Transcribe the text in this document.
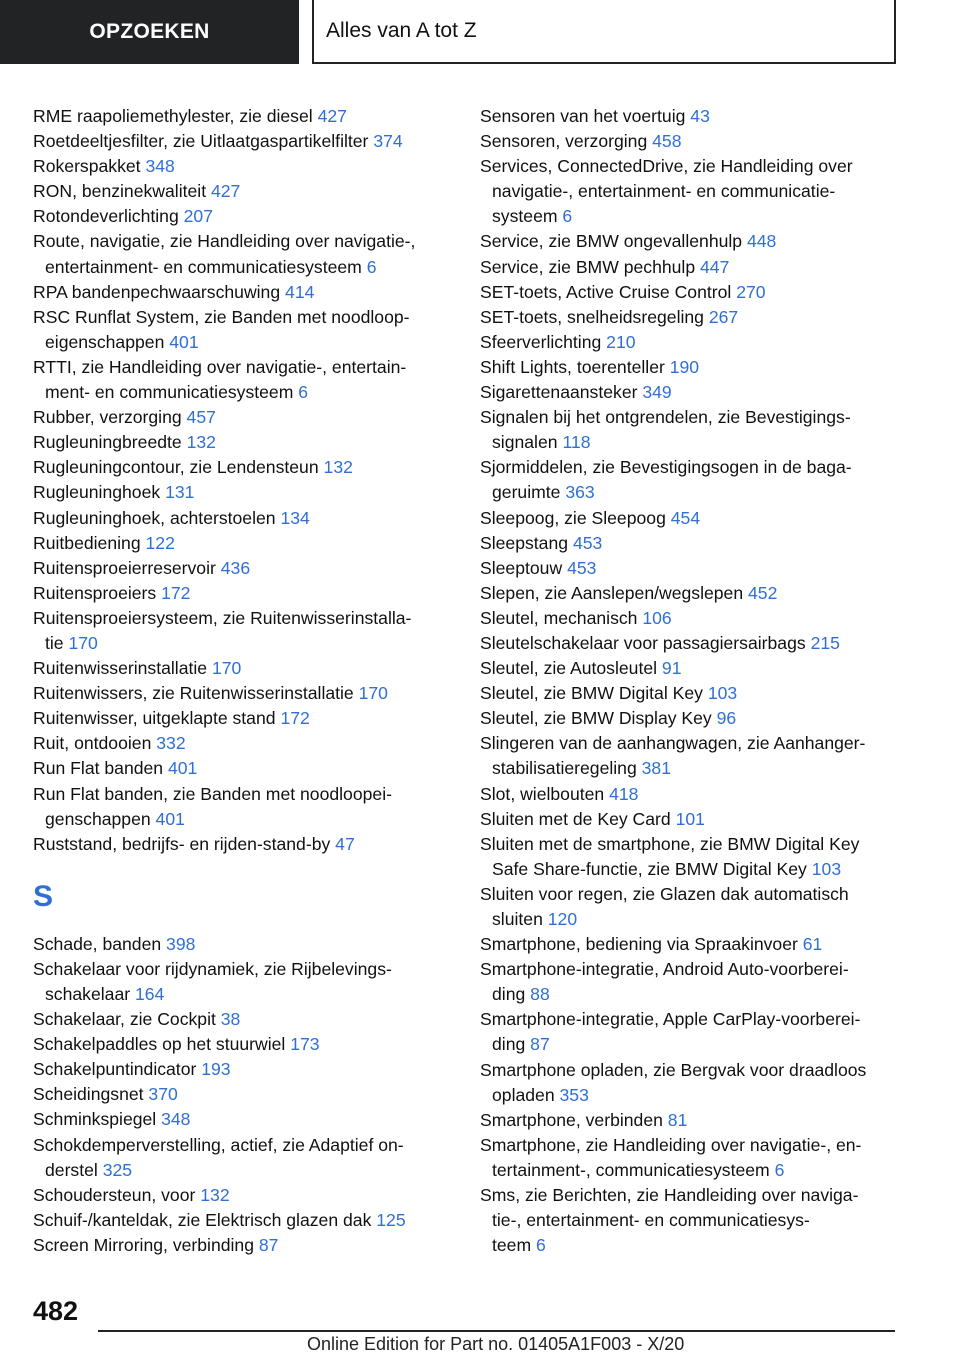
OPZOEKEN	Alles van A tot Z
RME raapoliemethylester, zie diesel 427
Roetdeeltjesfilter, zie Uitlaatgaspartikelfilter 374
Rokerspakket 348
RON, benzinekwaliteit 427
Rotondeverlichting 207
Route, navigatie, zie Handleiding over navigatie-,
entertainment- en communicatiesysteem 6
RPA bandenpechwaarschuwing 414
RSC Runflat System, zie Banden met noodloop‐
eigenschappen 401
RTTI, zie Handleiding over navigatie-, entertain‐
ment- en communicatiesysteem 6
Rubber, verzorging 457
Rugleuningbreedte 132
Rugleuningcontour, zie Lendensteun 132
Rugleuninghoek 131
Rugleuninghoek, achterstoelen 134
Ruitbediening 122
Ruitensproeierreservoir 436
Ruitensproeiers 172
Ruitensproeiersysteem, zie Ruitenwisserinstalla‐
tie 170
Ruitenwisserinstallatie 170
Ruitenwissers, zie Ruitenwisserinstallatie 170
Ruitenwisser, uitgeklapte stand 172
Ruit, ontdooien 332
Run Flat banden 401
Run Flat banden, zie Banden met noodloopei‐
genschappen 401
Ruststand, bedrijfs- en rijden-stand-by 47
S
Schade, banden 398
Schakelaar voor rijdynamiek, zie Rijbelevings‐
schakelaar 164
Schakelaar, zie Cockpit 38
Schakelpaddles op het stuurwiel 173
Schakelpuntindicator 193
Scheidingsnet 370
Schminkspiegel 348
Schokdemperverstelling, actief, zie Adaptief on‐
derstel 325
Schoudersteun, voor 132
Schuif-/kanteldak, zie Elektrisch glazen dak 125
Screen Mirroring, verbinding 87
Sensoren van het voertuig 43
Sensoren, verzorging 458
Services, ConnectedDrive, zie Handleiding over
navigatie-, entertainment- en communicatie‐
systeem 6
Service, zie BMW ongevallenhulp 448
Service, zie BMW pechhulp 447
SET-toets, Active Cruise Control 270
SET-toets, snelheidsregeling 267
Sfeerverlichting 210
Shift Lights, toerenteller 190
Sigarettenaansteker 349
Signalen bij het ontgrendelen, zie Bevestigings‐
signalen 118
Sjormiddelen, zie Bevestigingsogen in de baga‐
geruimte 363
Sleepoog, zie Sleepoog 454
Sleepstang 453
Sleeptouw 453
Slepen, zie Aanslepen/wegslepen 452
Sleutel, mechanisch 106
Sleutelschakelaar voor passagiersairbags 215
Sleutel, zie Autosleutel 91
Sleutel, zie BMW Digital Key 103
Sleutel, zie BMW Display Key 96
Slingeren van de aanhangwagen, zie Aanhanger‐
stabilisatieregeling 381
Slot, wielbouten 418
Sluiten met de Key Card 101
Sluiten met de smartphone, zie BMW Digital Key
Safe Share-functie, zie BMW Digital Key 103
Sluiten voor regen, zie Glazen dak automatisch
sluiten 120
Smartphone, bediening via Spraakinvoer 61
Smartphone-integratie, Android Auto-voorberei‐
ding 88
Smartphone-integratie, Apple CarPlay-voorberei‐
ding 87
Smartphone opladen, zie Bergvak voor draadloos
opladen 353
Smartphone, verbinden 81
Smartphone, zie Handleiding over navigatie-, en‐
tertainment-, communicatiesysteem 6
Sms, zie Berichten, zie Handleiding over naviga‐
tie-, entertainment- en communicatiesys‐
teem 6
482
Online Edition for Part no. 01405A1F003 - X/20
